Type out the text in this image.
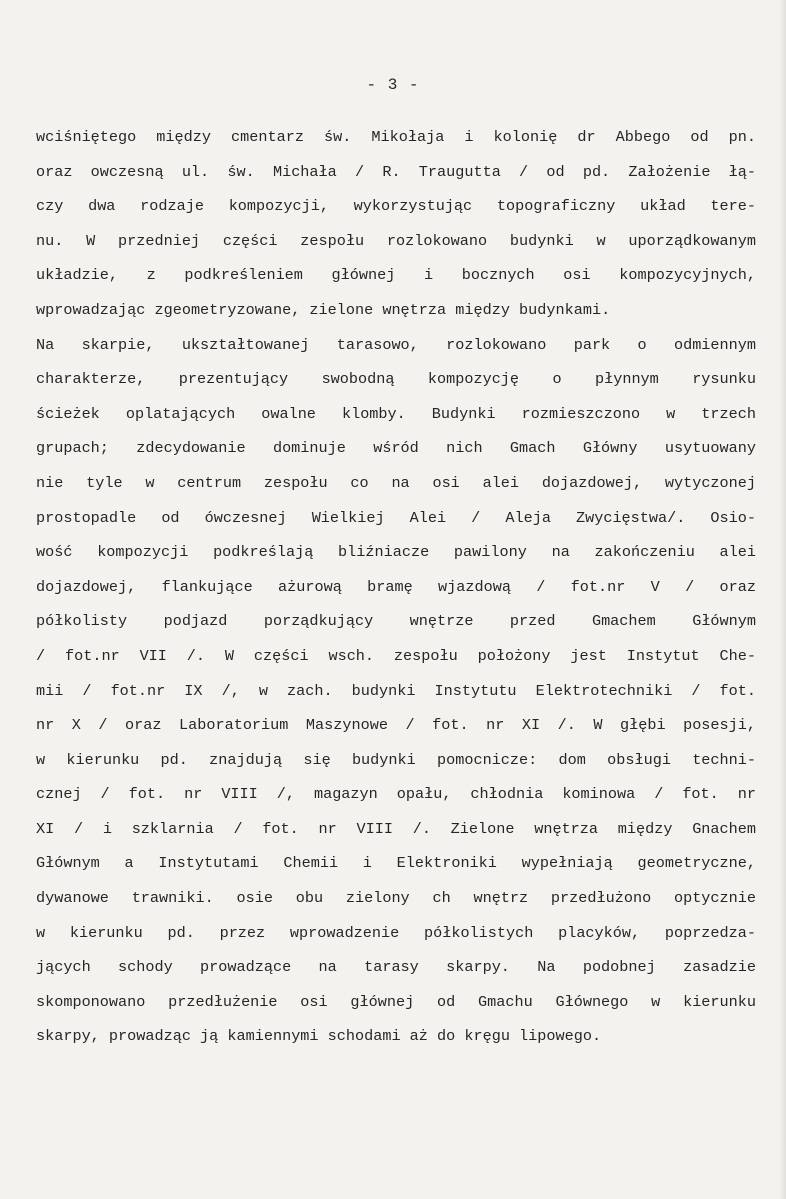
- 3 -
wciśniętego między cmentarz św. Mikołaja i kolonię dr Abbego od pn.
oraz owczesną ul. św. Michała / R. Traugutta / od pd. Założenie łą-
czy dwa rodzaje kompozycji, wykorzystując topograficzny układ tere-
nu. W przedniej części zespołu rozlokowano budynki w uporządkowanym
układzie, z podkreśleniem głównej i bocznych osi kompozycyjnych,
wprowadzając zgeometryzowane, zielone wnętrza między budynkami.
Na skarpie, ukształtowanej tarasowo, rozlokowano park o odmiennym
charakterze, prezentujący swobodną kompozycję o płynnym rysunku
ścieżek oplatających owalne klomby. Budynki rozmieszczono w trzech
grupach; zdecydowanie dominuje wśród nich Gmach Główny usytuowany
nie tyle w centrum zespołu co na osi alei dojazdowej, wytyczonej
prostopadle od ówczesnej Wielkiej Alei / Aleja Zwycięstwa/. Osio-
wość kompozycji podkreślają bliźniacze pawilony na zakończeniu alei
dojazdowej, flankujące ażurową bramę wjazdową / fot.nr V / oraz
półkolisty podjazd porządkujący wnętrze przed Gmachem Głównym
/ fot.nr VII /. W części wsch. zespołu położony jest Instytut Che-
mii / fot.nr IX /, w zach. budynki Instytutu Elektrotechniki / fot.
nr X / oraz Laboratorium Maszynowe / fot. nr XI /. W głębi posesji,
w kierunku pd. znajdują się budynki pomocnicze: dom obsługi techni-
cznej / fot. nr VIII /, magazyn opału, chłodnia kominowa / fot. nr
XI / i szklarnia / fot. nr VIII /. Zielone wnętrza między Gnachem
Głównym a Instytutami Chemii i Elektroniki wypełniają geometryczne,
dywanowe trawniki. osie obu zielony ch wnętrz przedłużono optycznie
w kierunku pd. przez wprowadzenie półkolistych placyków, poprzedza-
jących schody prowadzące na tarasy skarpy. Na podobnej zasadzie
skomponowano przedłużenie osi głównej od Gmachu Głównego w kierunku
skarpy, prowadząc ją kamiennymi schodami aż do kręgu lipowego.
